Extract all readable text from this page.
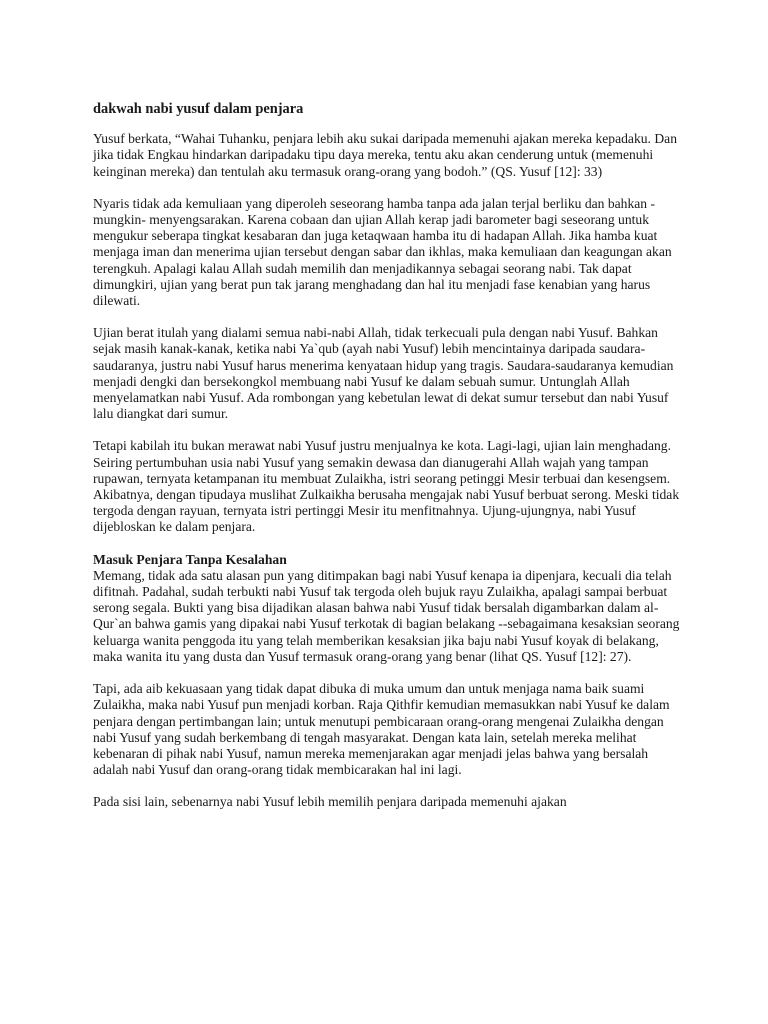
dakwah nabi yusuf dalam penjara

Yusuf berkata, “Wahai Tuhanku, penjara lebih aku sukai daripada memenuhi ajakan mereka kepadaku. Dan jika tidak Engkau hindarkan daripadaku tipu daya mereka, tentu aku akan cenderung untuk (memenuhi keinginan mereka) dan tentulah aku termasuk orang-orang yang bodoh.” (QS. Yusuf [12]: 33)

Nyaris tidak ada kemuliaan yang diperoleh seseorang hamba tanpa ada jalan terjal berliku dan bahkan -mungkin- menyengsarakan. Karena cobaan dan ujian Allah kerap jadi barometer bagi seseorang untuk mengukur seberapa tingkat kesabaran dan juga ketaqwaan hamba itu di hadapan Allah. Jika hamba kuat menjaga iman dan menerima ujian tersebut dengan sabar dan ikhlas, maka kemuliaan dan keagungan akan terengkuh. Apalagi kalau Allah sudah memilih dan menjadikannya sebagai seorang nabi. Tak dapat dimungkiri, ujian yang berat pun tak jarang menghadang dan hal itu menjadi fase kenabian yang harus dilewati.

Ujian berat itulah yang dialami semua nabi-nabi Allah, tidak terkecuali pula dengan nabi Yusuf. Bahkan sejak masih kanak-kanak, ketika nabi Ya`qub (ayah nabi Yusuf) lebih mencintainya daripada saudara-saudaranya, justru nabi Yusuf harus menerima kenyataan hidup yang tragis. Saudara-saudaranya kemudian menjadi dengki dan bersekongkol membuang nabi Yusuf ke dalam sebuah sumur. Untunglah Allah menyelamatkan nabi Yusuf. Ada rombongan yang kebetulan lewat di dekat sumur tersebut dan nabi Yusuf lalu diangkat dari sumur.

Tetapi kabilah itu bukan merawat nabi Yusuf justru menjualnya ke kota. Lagi-lagi, ujian lain menghadang. Seiring pertumbuhan usia nabi Yusuf yang semakin dewasa dan dianugerahi Allah wajah yang tampan rupawan, ternyata ketampanan itu membuat Zulaikha, istri seorang petinggi Mesir terbuai dan kesengsem. Akibatnya, dengan tipudaya muslihat Zulkaikha berusaha mengajak nabi Yusuf berbuat serong. Meski tidak tergoda dengan rayuan, ternyata istri pertinggi Mesir itu menfitnahnya. Ujung-ujungnya, nabi Yusuf dijebloskan ke dalam penjara.

Masuk Penjara Tanpa Kesalahan
Memang, tidak ada satu alasan pun yang ditimpakan bagi nabi Yusuf kenapa ia dipenjara, kecuali dia telah difitnah. Padahal, sudah terbukti nabi Yusuf tak tergoda oleh bujuk rayu Zulaikha, apalagi sampai berbuat serong segala. Bukti yang bisa dijadikan alasan bahwa nabi Yusuf tidak bersalah digambarkan dalam al-Qur`an bahwa gamis yang dipakai nabi Yusuf terkotak di bagian belakang --sebagaimana kesaksian seorang keluarga wanita penggoda itu yang telah memberikan kesaksian jika baju nabi Yusuf koyak di belakang, maka wanita itu yang dusta dan Yusuf termasuk orang-orang yang benar (lihat QS. Yusuf [12]: 27).

Tapi, ada aib kekuasaan yang tidak dapat dibuka di muka umum dan untuk menjaga nama baik suami Zulaikha, maka nabi Yusuf pun menjadi korban. Raja Qithfir kemudian memasukkan nabi Yusuf ke dalam penjara dengan pertimbangan lain; untuk menutupi pembicaraan orang-orang mengenai Zulaikha dengan nabi Yusuf yang sudah berkembang di tengah masyarakat. Dengan kata lain, setelah mereka melihat kebenaran di pihak nabi Yusuf, namun mereka memenjarakan agar menjadi jelas bahwa yang bersalah adalah nabi Yusuf dan orang-orang tidak membicarakan hal ini lagi.

Pada sisi lain, sebenarnya nabi Yusuf lebih memilih penjara daripada memenuhi ajakan
